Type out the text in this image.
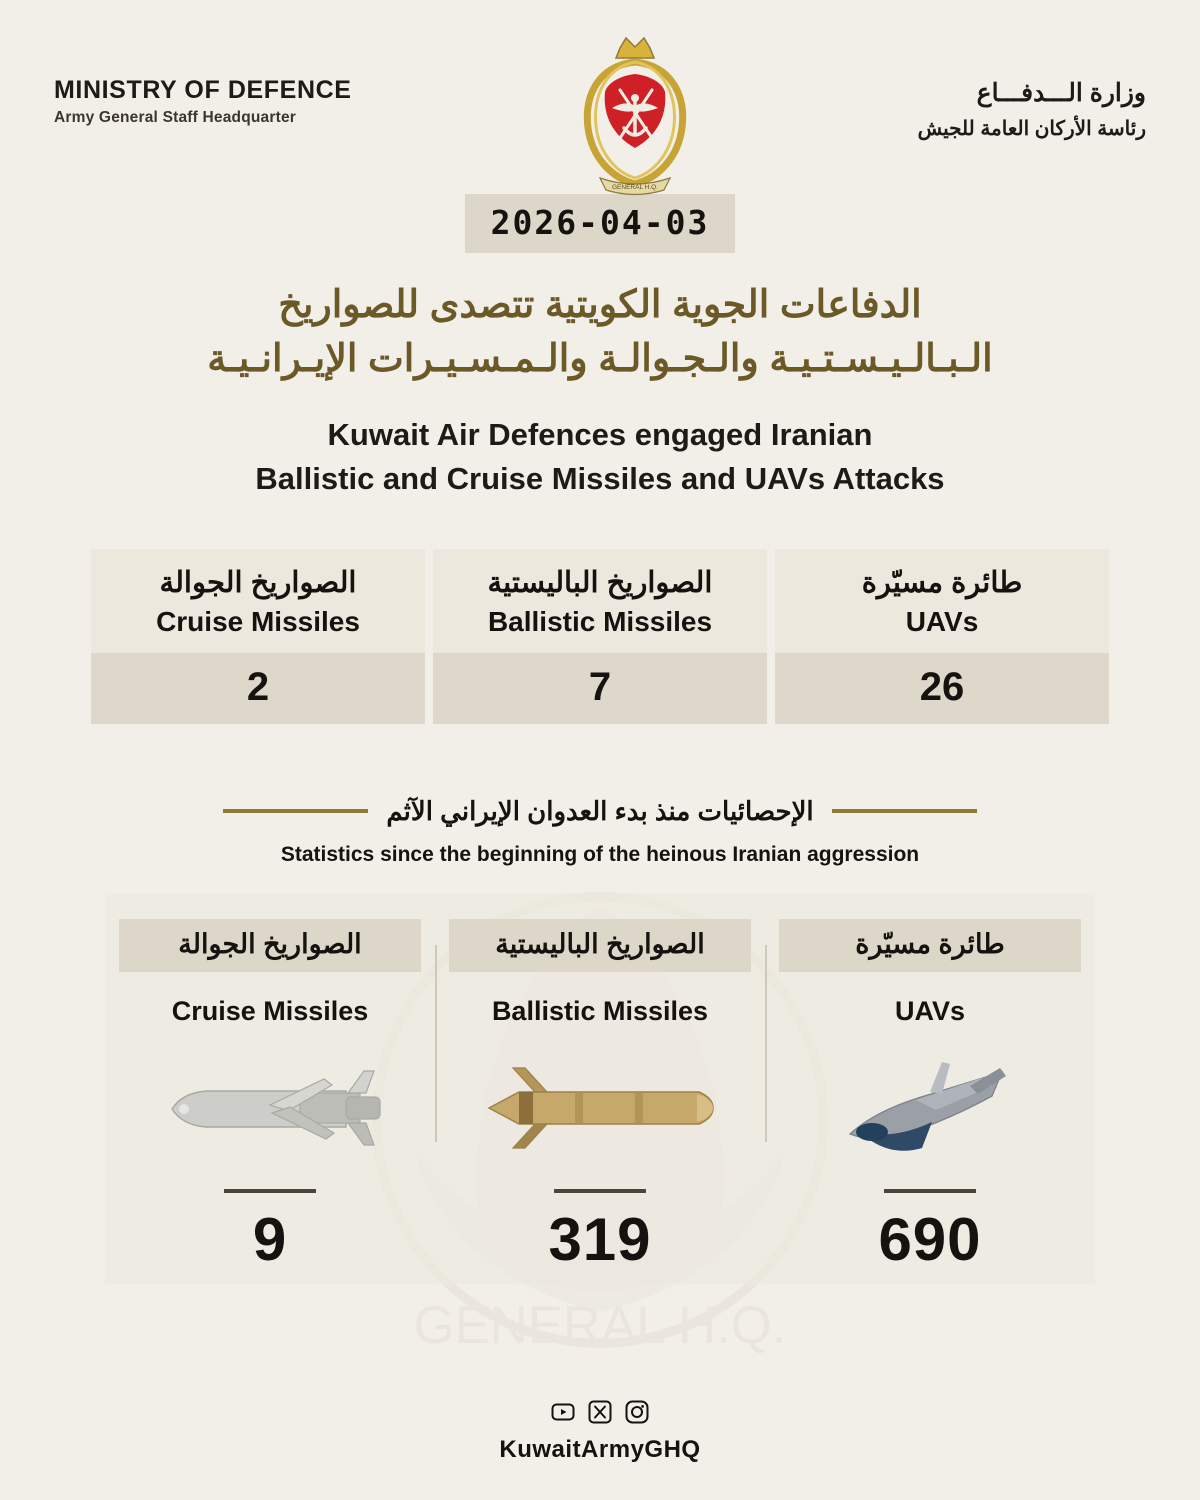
GENERAL H.Q.
MINISTRY OF DEFENCE
Army General Staff Headquarter
GENERAL H.Q.
وزارة الـــدفـــاع
رئاسة الأركان العامة للجيش
2026-04-03
الدفاعات الجوية الكويتية تتصدى للصواريخ
الـبـالـيـسـتـيـة والـجـوالـة والـمـسـيـرات الإيـرانـيـة
Kuwait Air Defences engaged Iranian
Ballistic and Cruise Missiles and UAVs Attacks
الصواريخ الجوالة
Cruise Missiles
2
الصواريخ الباليستية
Ballistic Missiles
7
طائرة مسيّرة
UAVs
26
الإحصائيات منذ بدء العدوان الإيراني الآثم
Statistics since the beginning of the heinous Iranian aggression
الصواريخ الجوالة
Cruise Missiles
9
الصواريخ الباليستية
Ballistic Missiles
319
طائرة مسيّرة
UAVs
690
KuwaitArmyGHQ
